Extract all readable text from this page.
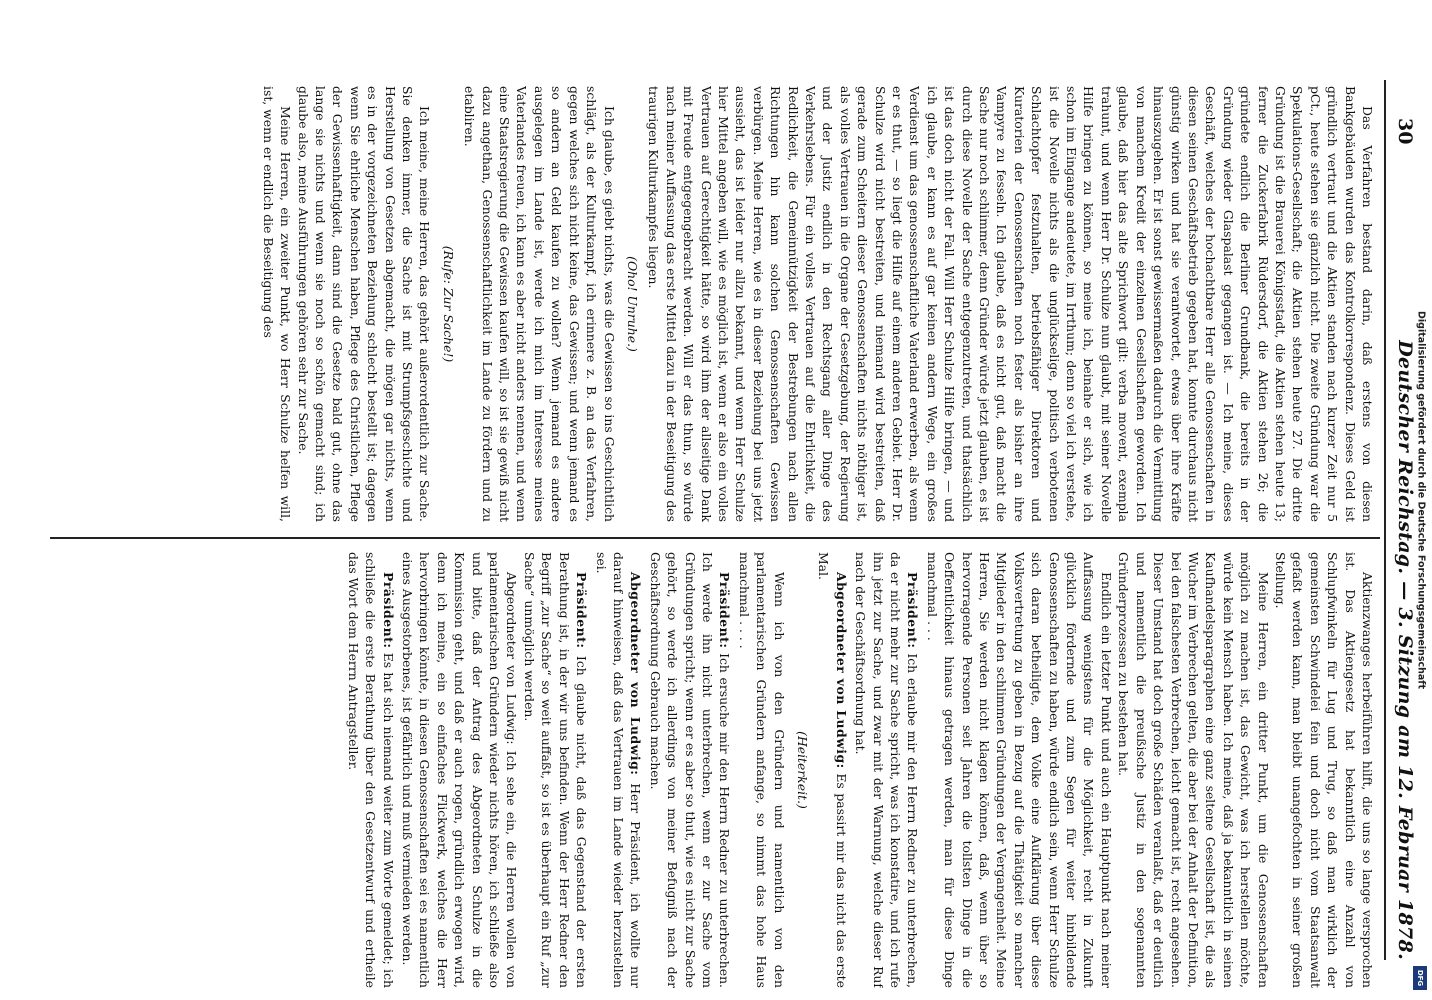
30
Deutscher Reichstag. — 3. Sitzung am 12. Februar 1878.

Das Verfahren bestand darin, daß erstens von diesen Bankgebäuden wurden das Kontrolkorrespondenz. Dieses Geld ist gründlich vertraut und die Aktien standen nach kurzer Zeit nur 5 pCt., heute stehen sie gänzlich nicht. Die zweite Gründung war die Spekulations-Gesellschaft; die Aktien stehen heute 27. Die dritte Gründung ist die Brauerei Königsstadt, die Aktien stehen heute 13; ferner die Zuckerfabrik Rüdersdorf, die Aktien stehen 26; die gründete endlich die Berliner Grundbank, die bereits in der Gründung wieder Glaspalast gegangen ist. — Ich meine, dieses Geschäft, welches der hochachtbare Herr alle Genossenschaften in diesen seinen Geschäftsbetrieb gegeben hat, konnte durchaus nicht günstig wirken und hat sie verantwortet, etwas über ihre Kräfte hinauszugehen. Er ist sonst gewissermaßen dadurch die Vermittlung von manchem Kredit der einzelnen Gesellschaften geworden. Ich glaube, daß hier das alte Sprichwort gilt: verba movent, exempla trahunt, und wenn Herr Dr. Schulze nun glaubt, mit seiner Novelle Hilfe bringen zu können, so meine ich, beinahe er sich, wie ich schon im Eingange andeutete, im Irrthum; denn so viel ich verstehe, ist die Novelle nichts als die unglückselige, politisch verbotenen Schlachtopfer festzuhalten, betriebsfähiger Direktoren und Kuratorien der Genossenschaften noch fester als bisher an ihre Vampyre zu fesseln. Ich glaube, daß es nicht gut, daß macht die Sache nur noch schlimmer, denn Gründer würde jetzt glauben, es ist durch diese Novelle der Sache entgegenzutreten, und thatsächlich ist das doch nicht der Fall. Will Herr Schulze Hilfe bringen, — und ich glaube, er kann es auf gar keinen andern Wege, ein großes Verdienst um das genossenschaftliche Vaterland erwerben, als wenn er es thut, — so liegt die Hilfe auf einem anderen Gebiet. Herr Dr. Schulze wird nicht bestreiten, und niemand wird bestreiten, daß gerade zum Scheitern dieser Genossenschaften nichts nöthiger ist, als volles Vertrauen in die Organe der Gesetzgebung, der Regierung und der Justiz endlich in den Rechtsgang aller Dinge des Verkehrslebens. Für ein volles Vertrauen auf die Ehrlichkeit, die Redlichkeit, die Gemeinnützigkeit der Bestrebungen nach allen Richtungen hin kann solchen Genossenschaften Gewissen verbürgen. Meine Herren, wie es in dieser Beziehung bei uns jetzt aussieht, das ist leider nur allzu bekannt, und wenn Herr Schulze hier Mittel angeben will, wie es möglich ist, wenn er also ein volles Vertrauen auf Gerechtigkeit hätte, so wird ihm der allseitige Dank mit Freude entgegengebracht werden. Will er das thun, so würde nach meiner Auffassung das erste Mittel dazu in der Beseitigung des traurigen Kulturkampfes liegen.

(Oho! Unruhe.)

Ich glaube, es giebt nichts, was die Gewissen so ins Geschichtlich schlägt, als der Kulturkampf, ich erinnere z. B. an das Verfahren, gegen welches sich nicht keine, das Gewissen; und wenn jemand es so andern an Geld kaufen zu wollen? Wenn jemand es andere ausgelegen im Lande ist, werde ich mich im Interesse meines Vaterlandes freuen, ich kann es aber nicht anders nennen, und wenn eine Staatsregierung die Gewissen kaufen will, so ist sie gewiß nicht dazu angethan, Genossenschaftlichkeit im Lande zu fördern und zu etabliren.

(Rufe: Zur Sache!)

Ich meine, meine Herren, das gehört außerordentlich zur Sache. Sie denken immer, die Sache ist mit Strumpfsgeschichte und Herstellung von Gesetzen abgemacht, die mögen gar nichts, wenn es in der vorgezeichneten Beziehung schlecht bestellt ist; dagegen wenn Sie ehrliche Menschen haben, Pflege des Christlichen, Pflege der Gewissenhaftigkeit, dann sind die Gesetze bald gut, ohne das lange sie nichts und wenn sie noch so schön gemacht sind; ich glaube also, meine Ausführungen gehören sehr zur Sache.

Meine Herren, ein zweiter Punkt, wo Herr Schulze helfen will, ist, wenn er endlich die Beseitigung des

Aktienzwanges herbeiführen hilft, die uns so lange versprochen ist. Das Aktiengesetz hat bekanntlich eine Anzahl von Schlupfwinkeln für Lug und Trug, so daß man wirklich der gemeinsten Schwindelei fein und doch nicht vom Staatsanwalt gefaßt werden kann, man bleibt unangefochten in seiner großen Stellung.

Meine Herren, ein dritter Punkt, um die Genossenschaften möglich zu machen ist, das Gewicht, was ich herstellen möchte, würde kein Mensch haben. Ich meine, daß ja bekanntlich in seinen Kaufhandelsparagraphen eine ganz seltene Gesellschaft ist, die als Wucher im Verbrechen gelten, die aber bei der Anhalt der Definition, bei den falschesten Verbrechen, leicht gemacht ist, recht angesehen. Dieser Umstand hat doch große Schäden veranlaßt, daß er deutlich und namentlich die preußische Justiz in den sogenannten Gründerprozessen zu bestehen hat.

Endlich ein letzter Punkt und auch ein Hauptpunkt nach meiner Auffassung wenigstens für die Möglichkeit, recht in Zukunft glücklich fördernde und zum Segen für weiter hinbildende Genossenschaften zu haben, würde endlich sein, wenn Herr Schulze sich daran betheiligte, dem Volke eine Aufklärung über diese Volksvertretung zu geben in Bezug auf die Thätigkeit so mancher Mitglieder in den schlimmen Gründungen der Vergangenheit. Meine Herren, Sie werden nicht klagen können, daß, wenn über so hervorragende Personen seit Jahren die tollsten Dinge in die Oeffentlichkeit hinaus getragen werden, man für diese Dinge manchmal . . .

Präsident: Ich erlaube mir den Herrn Redner zu unterbrechen, da er nicht mehr zur Sache spricht, was ich konstatire, und ich rufe ihn jetzt zur Sache, und zwar mit der Warnung, welche dieser Ruf nach der Geschäftsordnung hat.

Abgeordneter von Ludwig: Es passirt mir das nicht das erste Mal.

(Heiterkeit.)

Wenn ich von den Gründern und namentlich von den parlamentarischen Gründern anfange, so nimmt das hohe Haus manchmal . . . .

Präsident: Ich ersuche mir den Herrn Redner zu unterbrechen. Ich werde ihn nicht unterbrechen, wenn er zur Sache vom Gründungen spricht; wenn er es aber so thut, wie es nicht zur Sache gehört, so werde ich allerdings von meiner Befugniß nach der Geschäftsordnung Gebrauch machen.

Abgeordneter von Ludwig: Herr Präsident, ich wollte nur darauf hinweisen, daß das Vertrauen im Lande wieder herzustellen sei.

Präsident: Ich glaube nicht, daß das Gegenstand der ersten Berathung ist, in der wir uns befinden. Wenn der Herr Redner den Begriff „zur Sache“ so weit auffaßt, so ist es überhaupt ein Ruf „zur Sache“ unmöglich werden.

Abgeordneter von Ludwig: Ich sehe ein, die Herren wollen von parlamentarischen Gründern wieder nichts hören, ich schließe also und bitte, daß der Antrag des Abgeordneten Schulze in die Kommission geht, und daß er auch rogen, gründlich erwogen wird, denn ich meine, ein so einfaches Flickwerk, welches die Herr hervorbringen könnte, in diesen Genossenschaften sei es namentlich eines Ausgestorbenes, ist gefährlich und muß vermieden werden.

Präsident: Es hat sich niemand weiter zum Worte gemeldet; ich schließe die erste Berathung über den Gesetzentwurf und ertheile das Wort dem Herrn Antragsteller.	Digitalisierung gefördert durch die Deutsche Forschungsgemeinschaft
DFG
